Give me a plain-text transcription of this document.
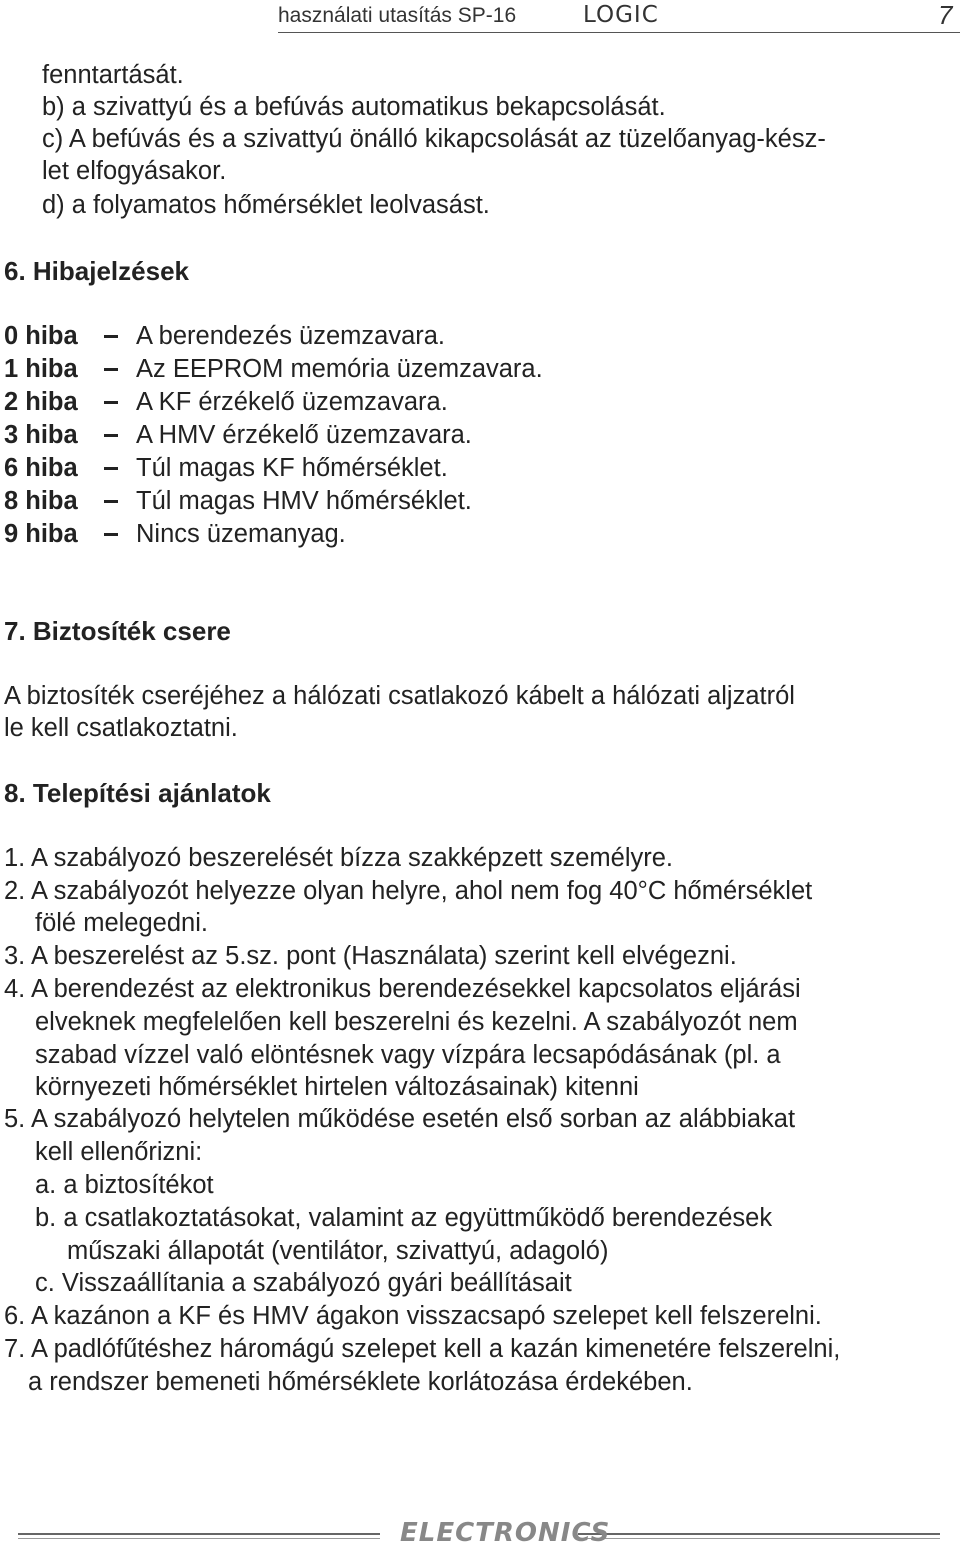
használati utasítás SP-16	LOGIC	7
fenntartását.
b) a szivattyú és a befúvás automatikus bekapcsolását.
c) A befúvás és a szivattyú önálló kikapcsolását az tüzelőanyag-kész-
let elfogyásakor.
d) a folyamatos hőmérséklet leolvasást.
6. Hibajelzések
0 hiba A berendezés üzemzavara.
1 hiba Az EEPROM memória üzemzavara.
2 hiba A KF érzékelő üzemzavara.
3 hiba A HMV érzékelő üzemzavara.
6 hiba Túl magas KF hőmérséklet.
8 hiba Túl magas HMV hőmérséklet.
9 hiba Nincs üzemanyag.
7. Biztosíték csere
A biztosíték cseréjéhez a hálózati csatlakozó kábelt a hálózati aljzatról
le kell csatlakoztatni.
8. Telepítési ajánlatok
1. A szabályozó beszerelését bízza szakképzett személyre.
2. A szabályozót helyezze olyan helyre, ahol nem fog 40°C hőmérséklet
fölé melegedni.
3. A beszerelést az 5.sz. pont (Használata) szerint kell elvégezni.
4. A berendezést az elektronikus berendezésekkel kapcsolatos eljárási
elveknek megfelelően kell beszerelni és kezelni. A szabályozót nem
szabad vízzel való elöntésnek vagy vízpára lecsapódásának (pl. a
környezeti hőmérséklet hirtelen változásainak) kitenni
5. A szabályozó helytelen működése esetén első sorban az alábbiakat
kell ellenőrizni:
a. a biztosítékot
b. a csatlakoztatásokat, valamint az együttműködő berendezések
műszaki állapotát (ventilátor, szivattyú, adagoló)
c. Visszaállítania a szabályozó gyári beállításait
6. A kazánon a KF és HMV ágakon visszacsapó szelepet kell felszerelni.
7. A padlófűtéshez háromágú szelepet kell a kazán kimenetére felszerelni,
a rendszer bemeneti hőmérséklete korlátozása érdekében.
ELECTRONICS
